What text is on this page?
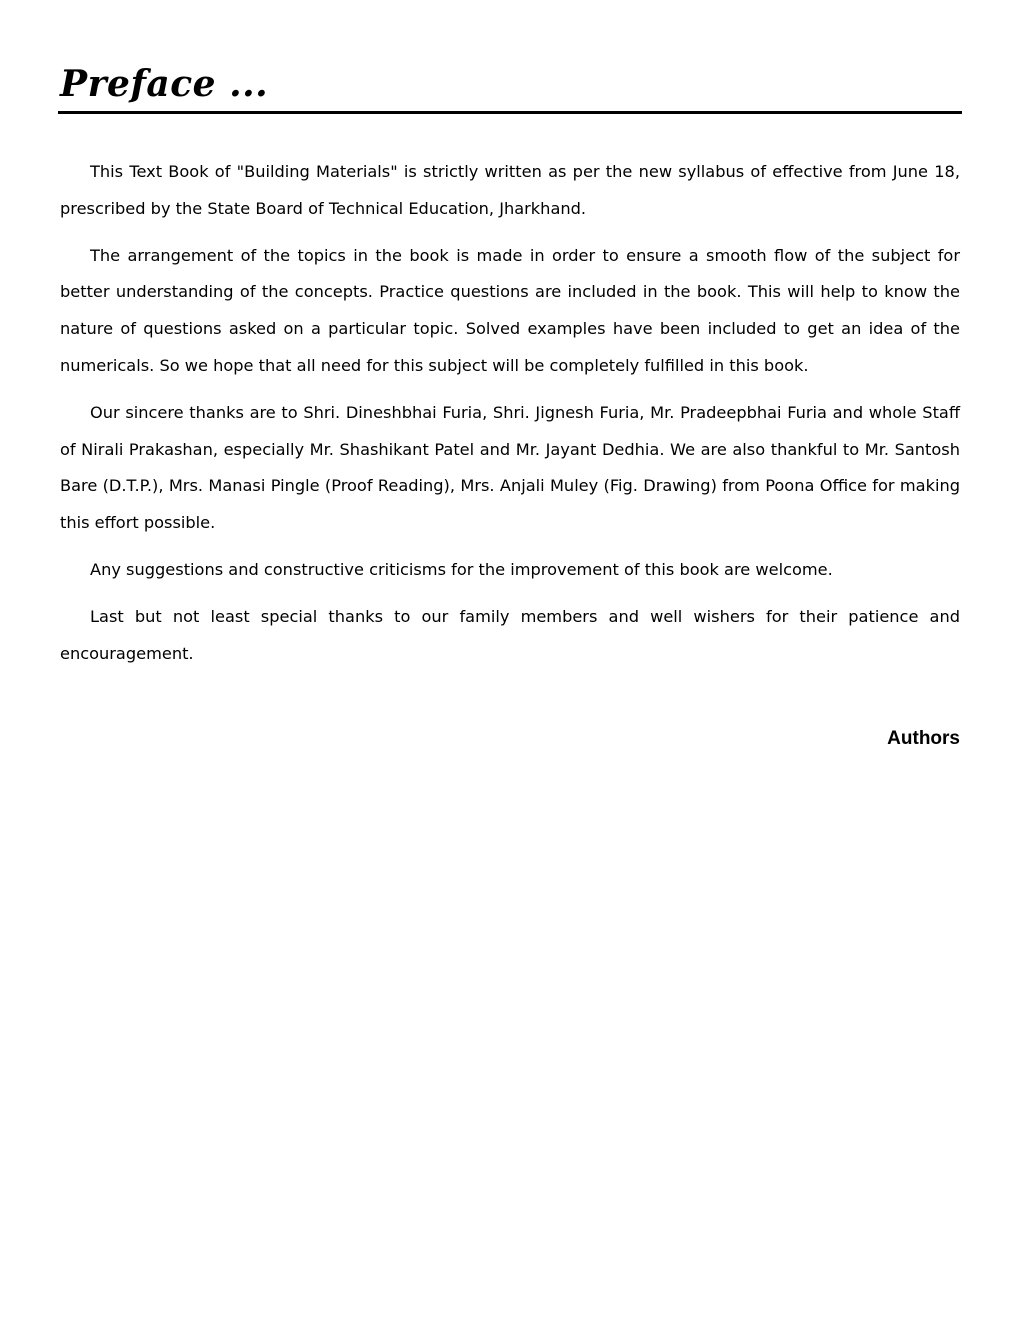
Preface ...

This Text Book of "Building Materials" is strictly written as per the new syllabus of effective from June 18, prescribed by the State Board of Technical Education, Jharkhand.

The arrangement of the topics in the book is made in order to ensure a smooth flow of the subject for better understanding of the concepts. Practice questions are included in the book. This will help to know the nature of questions asked on a particular topic. Solved examples have been included to get an idea of the numericals. So we hope that all need for this subject will be completely fulfilled in this book.

Our sincere thanks are to Shri. Dineshbhai Furia, Shri. Jignesh Furia, Mr. Pradeepbhai Furia and whole Staff of Nirali Prakashan, especially Mr. Shashikant Patel and Mr. Jayant Dedhia. We are also thankful to Mr. Santosh Bare (D.T.P.), Mrs. Manasi Pingle (Proof Reading), Mrs. Anjali Muley (Fig. Drawing) from Poona Office for making this effort possible.

Any suggestions and constructive criticisms for the improvement of this book are welcome.

Last but not least special thanks to our family members and well wishers for their patience and encouragement.

Authors
